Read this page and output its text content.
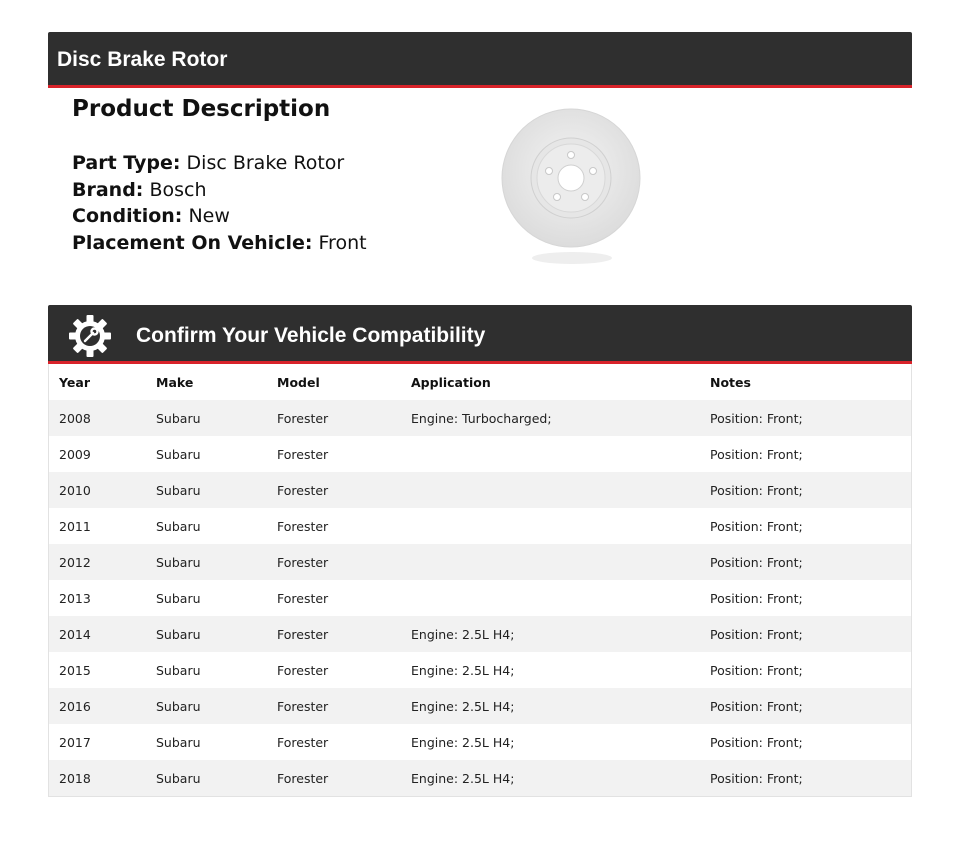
Disc Brake Rotor
Product Description
Part Type: Disc Brake Rotor
Brand: Bosch
Condition: New
Placement On Vehicle: Front
Confirm Your Vehicle Compatibility
Year	Make	Model	Application	Notes
2008	Subaru	Forester	Engine: Turbocharged;	Position: Front;
2009	Subaru	Forester		Position: Front;
2010	Subaru	Forester		Position: Front;
2011	Subaru	Forester		Position: Front;
2012	Subaru	Forester		Position: Front;
2013	Subaru	Forester		Position: Front;
2014	Subaru	Forester	Engine: 2.5L H4;	Position: Front;
2015	Subaru	Forester	Engine: 2.5L H4;	Position: Front;
2016	Subaru	Forester	Engine: 2.5L H4;	Position: Front;
2017	Subaru	Forester	Engine: 2.5L H4;	Position: Front;
2018	Subaru	Forester	Engine: 2.5L H4;	Position: Front;
